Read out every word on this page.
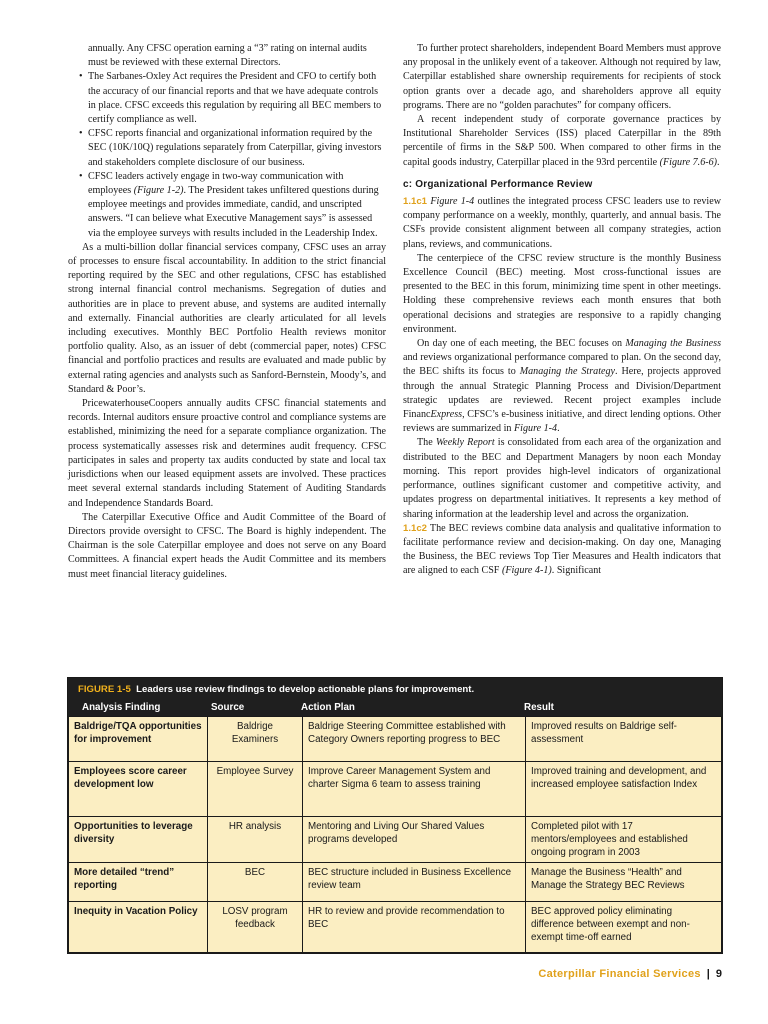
annually. Any CFSC operation earning a “3” rating on internal audits must be reviewed with these external Directors.
• The Sarbanes-Oxley Act requires the President and CFO to certify both the accuracy of our financial reports and that we have adequate controls in place. CFSC exceeds this regulation by requiring all BEC members to certify compliance as well.
• CFSC reports financial and organizational information required by the SEC (10K/10Q) regulations separately from Caterpillar, giving investors and stakeholders complete disclosure of our business.
• CFSC leaders actively engage in two-way communication with employees (Figure 1-2). The President takes unfiltered questions during employee meetings and provides immediate, candid, and unscripted answers. “I can believe what Executive Management says” is assessed via the employee surveys with results included in the Leadership Index.

As a multi-billion dollar financial services company, CFSC uses an array of processes to ensure fiscal accountability. In addition to the strict financial reporting required by the SEC and other regulations, CFSC has established strong internal financial control mechanisms. Segregation of duties and authorities are in place to prevent abuse, and systems are audited internally and externally. Financial authorities are clearly articulated for all levels including executives. Monthly BEC Portfolio Health reviews monitor portfolio quality. Also, as an issuer of debt (commercial paper, notes) CFSC financial and portfolio practices and results are evaluated and made public by external rating agencies and analysts such as Sanford-Bernstein, Moody’s, and Standard & Poor’s.

PricewaterhouseCoopers annually audits CFSC financial statements and records. Internal auditors ensure proactive control and compliance systems are established, minimizing the need for a separate compliance organization. The process systematically assesses risk and determines audit frequency. CFSC participates in sales and property tax audits conducted by state and local tax jurisdictions when our leased equipment assets are involved. These practices meet several external standards including Statement of Auditing Standards and Independence Standards Board.

The Caterpillar Executive Office and Audit Committee of the Board of Directors provide oversight to CFSC. The Board is highly independent. The Chairman is the sole Caterpillar employee and does not serve on any Board Committees. A financial expert heads the Audit Committee and its members must meet financial literacy guidelines.

To further protect shareholders, independent Board Members must approve any proposal in the unlikely event of a takeover. Although not required by law, Caterpillar established share ownership requirements for recipients of stock option grants over a decade ago, and shareholders approve all equity programs. There are no “golden parachutes” for company officers.

A recent independent study of corporate governance practices by Institutional Shareholder Services (ISS) placed Caterpillar in the 89th percentile of firms in the S&P 500. When compared to other firms in the capital goods industry, Caterpillar placed in the 93rd percentile (Figure 7.6-6).

c: Organizational Performance Review

1.1c1 Figure 1-4 outlines the integrated process CFSC leaders use to review company performance on a weekly, monthly, quarterly, and annual basis. The CSFs provide consistent alignment between all company strategies, action plans, reviews, and communications.

The centerpiece of the CFSC review structure is the monthly Business Excellence Council (BEC) meeting. Most cross-functional issues are presented to the BEC in this forum, minimizing time spent in other meetings. Holding these comprehensive reviews each month ensures that both operational decisions and strategies are responsive to a rapidly changing environment.

On day one of each meeting, the BEC focuses on Managing the Business and reviews organizational performance compared to plan. On the second day, the BEC shifts its focus to Managing the Strategy. Here, projects approved through the annual Strategic Planning Process and Division/Department strategic updates are reviewed. Recent project examples include FinancExpress, CFSC’s e-business initiative, and direct lending options. Other reviews are summarized in Figure 1-4.

The Weekly Report is consolidated from each area of the organization and distributed to the BEC and Department Managers by noon each Monday morning. This report provides high-level indicators of organizational performance, outlines significant customer and competitive activity, and updates progress on departmental initiatives. It represents a key method of sharing information at the leadership level and across the organization.

1.1c2 The BEC reviews combine data analysis and qualitative information to facilitate performance review and decision-making. On day one, Managing the Business, the BEC reviews Top Tier Measures and Health indicators that are aligned to each CSF (Figure 4-1). Significant

FIGURE 1-5 Leaders use review findings to develop actionable plans for improvement.
Analysis Finding	Source	Action Plan	Result
Baldrige/TQA opportunities for improvement	Baldrige Examiners	Baldrige Steering Committee established with Category Owners reporting progress to BEC	Improved results on Baldrige self-assessment
Employees score career development low	Employee Survey	Improve Career Management System and charter Sigma 6 team to assess training	Improved training and development, and increased employee satisfaction Index
Opportunities to leverage diversity	HR analysis	Mentoring and Living Our Shared Values programs developed	Completed pilot with 17 mentors/employees and established ongoing program in 2003
More detailed “trend” reporting	BEC	BEC structure included in Business Excellence review team	Manage the Business “Health” and Manage the Strategy BEC Reviews
Inequity in Vacation Policy	LOSV program feedback	HR to review and provide recommendation to BEC	BEC approved policy eliminating difference between exempt and non-exempt time-off earned
Caterpillar Financial Services | 9
